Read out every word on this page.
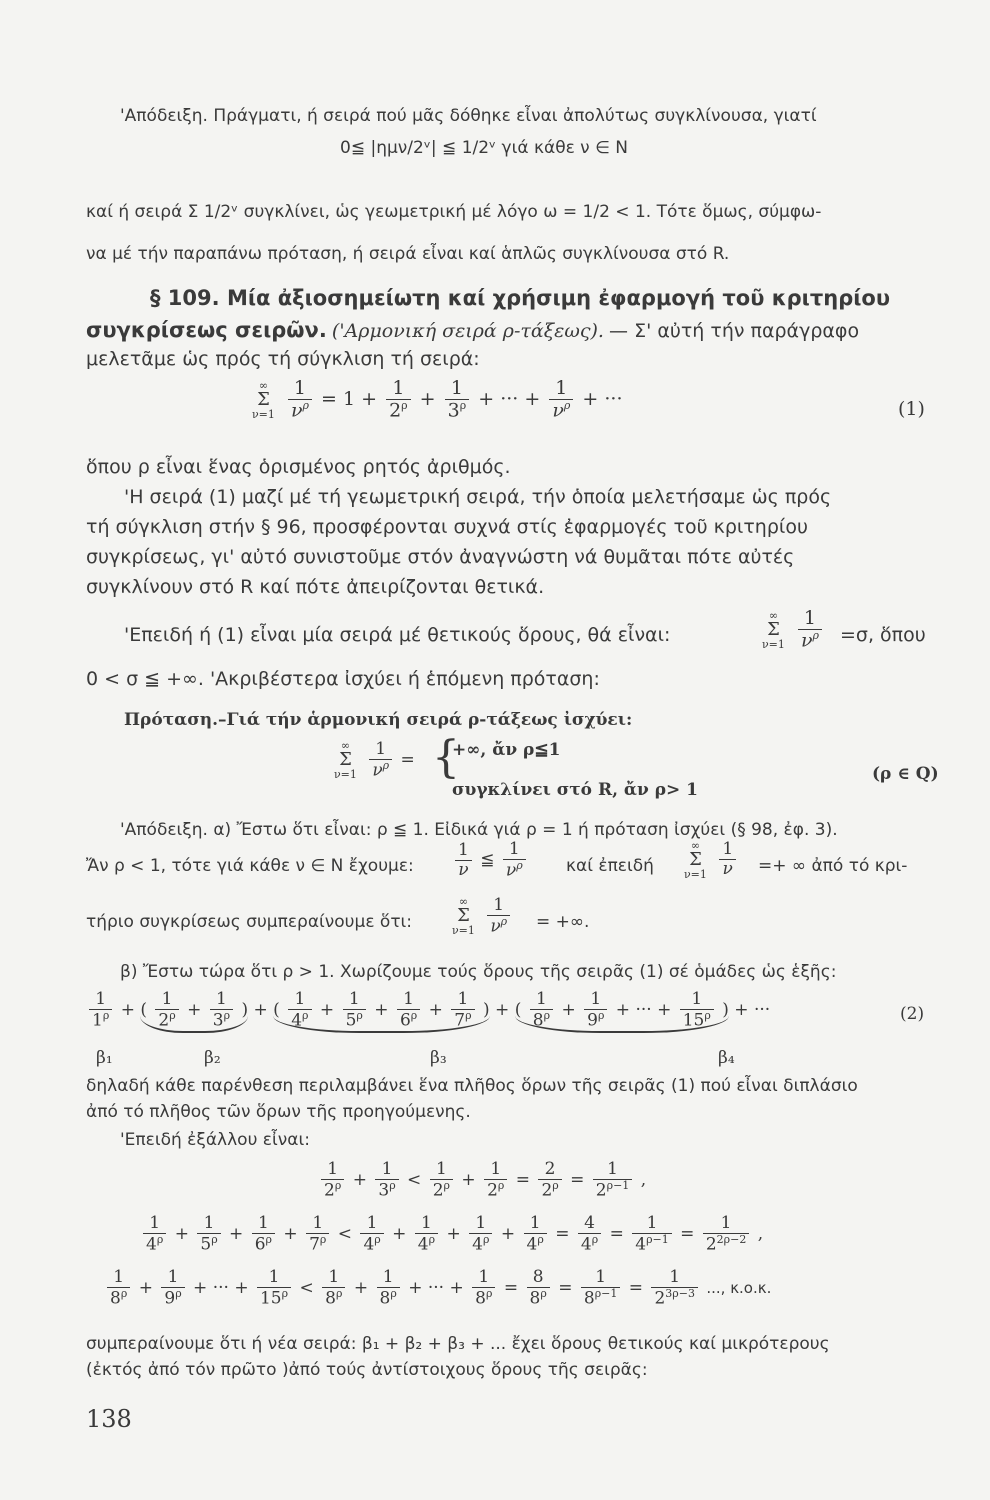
'Απόδειξη. Πράγματι, ή σειρά πού μᾶς δόθηκε εἶναι ἀπολύτως συγκλίνουσα, γιατί
0≦ |ημν/2ᵛ| ≦ 1/2ᵛ γιά κάθε ν ∈ N
καί ή σειρά Σ 1/2ᵛ συγκλίνει, ὡς γεωμετρική μέ λόγο ω = 1/2 < 1. Τότε ὅμως, σύμφω-
να μέ τήν παραπάνω πρόταση, ή σειρά εἶναι καί ἁπλῶς συγκλίνουσα στό R.
§ 109. Μία ἀξιοσημείωτη καί χρήσιμη ἐφαρμογή τοῦ κριτηρίου
συγκρίσεως σειρῶν. ('Αρμονική σειρά ρ-τάξεως). — Σ' αὐτή τήν παράγραφο
μελετᾶμε ὡς πρός τή σύγκλιση τή σειρά:
∞
Σ
ν=1
$\frac{1}{\nu^\rho} = 1 + \frac{1}{2^\rho} + \frac{1}{3^\rho}$ + ··· + $\frac{1}{\nu^\rho}$ + ···	(1)
ὅπου ρ εἶναι ἕνας ὁρισμένος ρητός ἀριθμός.
'Η σειρά (1) μαζί μέ τή γεωμετρική σειρά, τήν ὁποία μελετήσαμε ὡς πρός
τή σύγκλιση στήν § 96, προσφέρονται συχνά στίς ἐφαρμογές τοῦ κριτηρίου
συγκρίσεως, γι' αὐτό συνιστοῦμε στόν ἀναγνώστη νά θυμᾶται πότε αὐτές
συγκλίνουν στό R καί πότε ἀπειρίζονται θετικά.
'Επειδή ή (1) εἶναι μία σειρά μέ θετικούς ὅρους, θά εἶναι:
∞
Σ
ν=1
$\frac{1}{\nu^\rho} =\sigma$, ὅπου
0 < σ ≦ +∞. 'Ακριβέστερα ἰσχύει ή ἑπόμενη πρόταση:
Πρόταση.–Γιά τήν ἁρμονική σειρά ρ-τάξεως ἰσχύει:
∞
Σ
ν=1
$\frac{1}{\nu^\rho}$ = {
+∞, ἄν ρ≦1
συγκλίνει στό R, ἄν ρ> 1
(ρ ∈ Q)
'Απόδειξη. α) Ἔστω ὅτι εἶναι: ρ ≦ 1. Εἰδικά γιά ρ = 1 ή πρόταση ἰσχύει (§ 98, ἐφ. 3).
Ἄν ρ < 1, τότε γιά κάθε ν ∈ N ἔχουμε: $\frac{1}{\nu}$ ≦ $\frac{1}{\nu^\rho}$ καί ἐπειδή
∞
Σ
ν=1
$\frac{1}{\nu}$ =+ ∞ ἀπό τό κρι-
τήριο συγκρίσεως συμπεραίνουμε ὅτι:
∞
Σ
ν=1
$\frac{1}{\nu^\rho}$ = +∞.
β) Ἔστω τώρα ὅτι ρ > 1. Χωρίζουμε τούς ὅρους τῆς σειρᾶς (1) σέ ὁμάδες ὡς ἑξῆς:
$\frac{1}{1^\rho}$ + ( $\frac{1}{2^\rho} + \frac{1}{3^\rho}$ ) + ( $\frac{1}{4^\rho} + \frac{1}{5^\rho} + \frac{1}{6^\rho} + \frac{1}{7^\rho}$ ) + ( $\frac{1}{8^\rho} + \frac{1}{9^\rho}$ + ··· + $\frac{1}{15^\rho}$ ) + ···	(2)
β₁	β₂	β₃	β₄
δηλαδή κάθε παρένθεση περιλαμβάνει ἕνα πλῆθος ὅρων τῆς σειρᾶς (1) πού εἶναι διπλάσιο
ἀπό τό πλῆθος τῶν ὅρων τῆς προηγούμενης.
'Επειδή ἐξάλλου εἶναι:
$\frac{1}{2^\rho} + \frac{1}{3^\rho} < \frac{1}{2^\rho} + \frac{1}{2^\rho} = \frac{2}{2^\rho} = \frac{1}{2^{\rho-1}}$ ,
$\frac{1}{4^\rho} + \frac{1}{5^\rho} + \frac{1}{6^\rho} + \frac{1}{7^\rho} < \frac{1}{4^\rho} + \frac{1}{4^\rho} + \frac{1}{4^\rho} + \frac{1}{4^\rho} = \frac{4}{4^\rho} = \frac{1}{4^{\rho-1}} = \frac{1}{2^{2\rho-2}}$ ,
$\frac{1}{8^\rho} + \frac{1}{9^\rho}$ + ··· + $\frac{1}{15^\rho} < \frac{1}{8^\rho} + \frac{1}{8^\rho}$ + ··· + $\frac{1}{8^\rho} = \frac{8}{8^\rho} = \frac{1}{8^{\rho-1}} = \frac{1}{2^{3\rho-3}}$ ..., κ.ο.κ.
συμπεραίνουμε ὅτι ή νέα σειρά: β₁ + β₂ + β₃ + ... ἔχει ὅρους θετικούς καί μικρότερους
(ἐκτός ἀπό τόν πρῶτο )ἀπό τούς ἀντίστοιχους ὅρους τῆς σειρᾶς:
138
